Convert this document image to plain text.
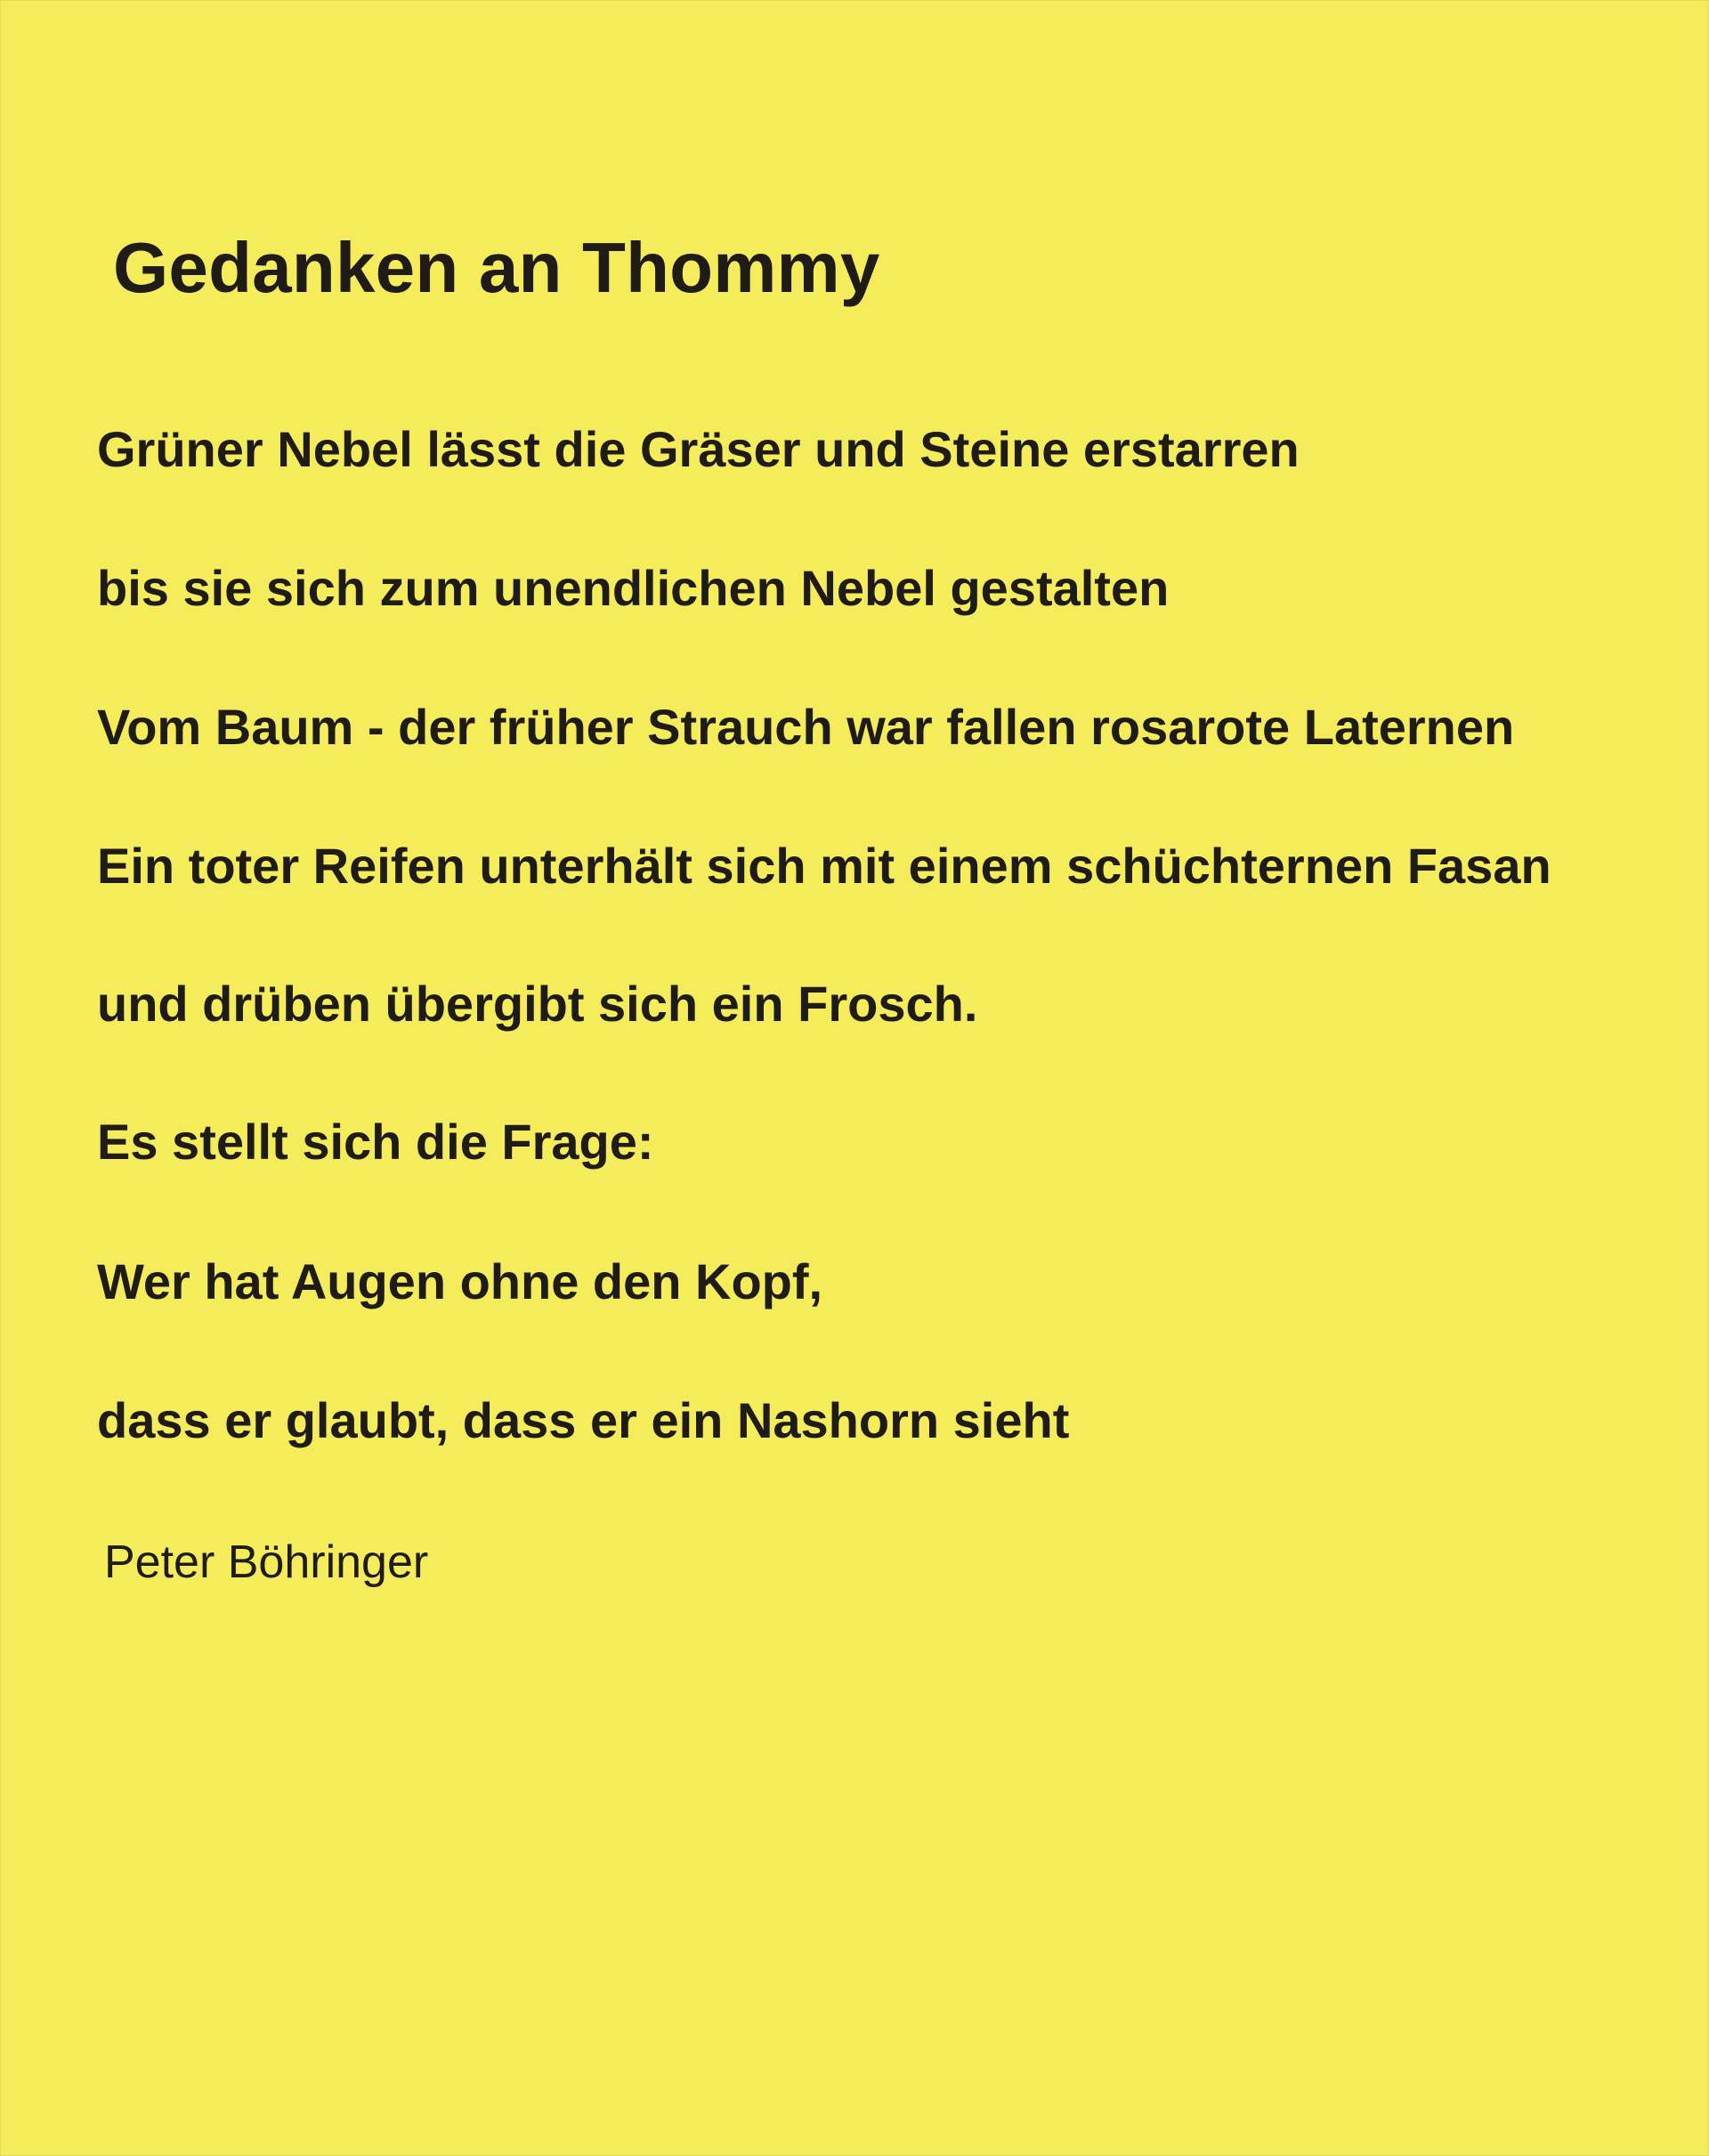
Gedanken an Thommy
Grüner Nebel lässt die Gräser und Steine erstarren
bis sie sich zum unendlichen Nebel gestalten
Vom Baum - der früher Strauch war fallen rosarote Laternen
Ein toter Reifen unterhält sich mit einem schüchternen Fasan
und drüben übergibt sich ein Frosch.
Es stellt sich die Frage:
Wer hat Augen ohne den Kopf,
dass er glaubt, dass er ein Nashorn sieht

Peter Böhringer
